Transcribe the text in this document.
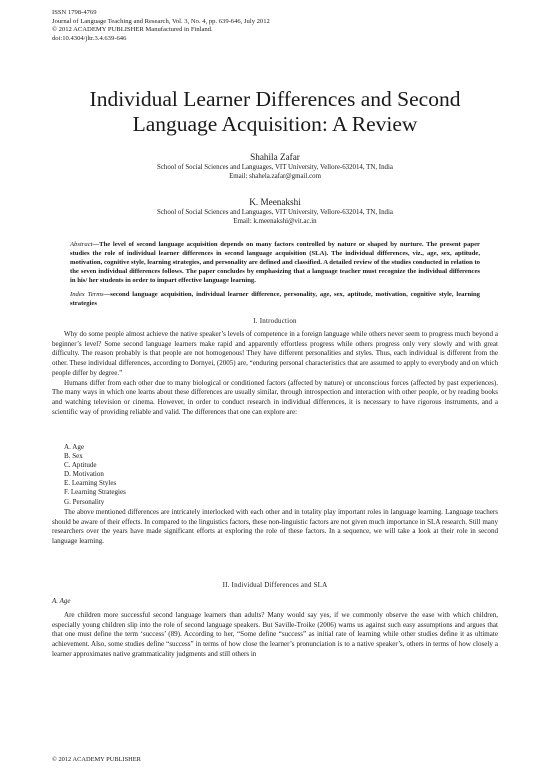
ISSN 1798-4769
Journal of Language Teaching and Research, Vol. 3, No. 4, pp. 639-646, July 2012
© 2012 ACADEMY PUBLISHER Manufactured in Finland.
doi:10.4304/jltr.3.4.639-646
Individual Learner Differences and Second
Language Acquisition: A Review
Shahila Zafar
School of Social Sciences and Languages, VIT University, Vellore-632014, TN, India
Email: shahela.zafar@gmail.com
K. Meenakshi
School of Social Sciences and Languages, VIT University, Vellore-632014, TN, India
Email: k.meenakshi@vit.ac.in
Abstract—The level of second language acquisition depends on many factors controlled by nature or shaped by nurture. The present paper studies the role of individual learner differences in second language acquisition (SLA). The individual differences, viz., age, sex, aptitude, motivation, cognitive style, learning strategies, and personality are defined and classified. A detailed review of the studies conducted in relation to the seven individual differences follows. The paper concludes by emphasizing that a language teacher must recognize the individual differences in his/ her students in order to impart effective language learning.
Index Terms—second language acquisition, individual learner difference, personality, age, sex, aptitude, motivation, cognitive style, learning strategies
I. Introduction

Why do some people almost achieve the native speaker’s levels of competence in a foreign language while others never seem to progress much beyond a beginner’s level? Some second language learners make rapid and apparently effortless progress while others progress only very slowly and with great difficulty. The reason probably is that people are not homogenous! They have different personalities and styles. Thus, each individual is different from the other. These individual differences, according to Dornyei, (2005) are, “enduring personal characteristics that are assumed to apply to everybody and on which people differ by degree.”

Humans differ from each other due to many biological or conditioned factors (affected by nature) or unconscious forces (affected by past experiences). The many ways in which one learns about these differences are usually similar, through introspection and interaction with other people, or by reading books and watching television or cinema. However, in order to conduct research in individual differences, it is necessary to have rigorous instruments, and a scientific way of providing reliable and valid. The differences that one can explore are:

A. Age
B. Sex
C. Aptitude
D. Motivation
E. Learning Styles
F. Learning Strategies
G. Personality

The above mentioned differences are intricately interlocked with each other and in totality play important roles in language learning. Language teachers should be aware of their effects. In compared to the linguistics factors, these non-linguistic factors are not given much importance in SLA research. Still many researchers over the years have made significant efforts at exploring the role of these factors. In a sequence, we will take a look at their role in second language learning.

II. Individual Differences and SLA
A. Age

Are children more successful second language learners than adults? Many would say yes, if we commonly observe the ease with which children, especially young children slip into the role of second language speakers. But Saville-Troike (2006) warns us against such easy assumptions and argues that that one must define the term ‘success’ (89). According to her, “Some define “success” as initial rate of learning while other studies define it as ultimate achievement. Also, some studies define “success” in terms of how close the learner’s pronunciation is to a native speaker’s, others in terms of how closely a learner approximates native grammaticality judgments and still others in

© 2012 ACADEMY PUBLISHER
